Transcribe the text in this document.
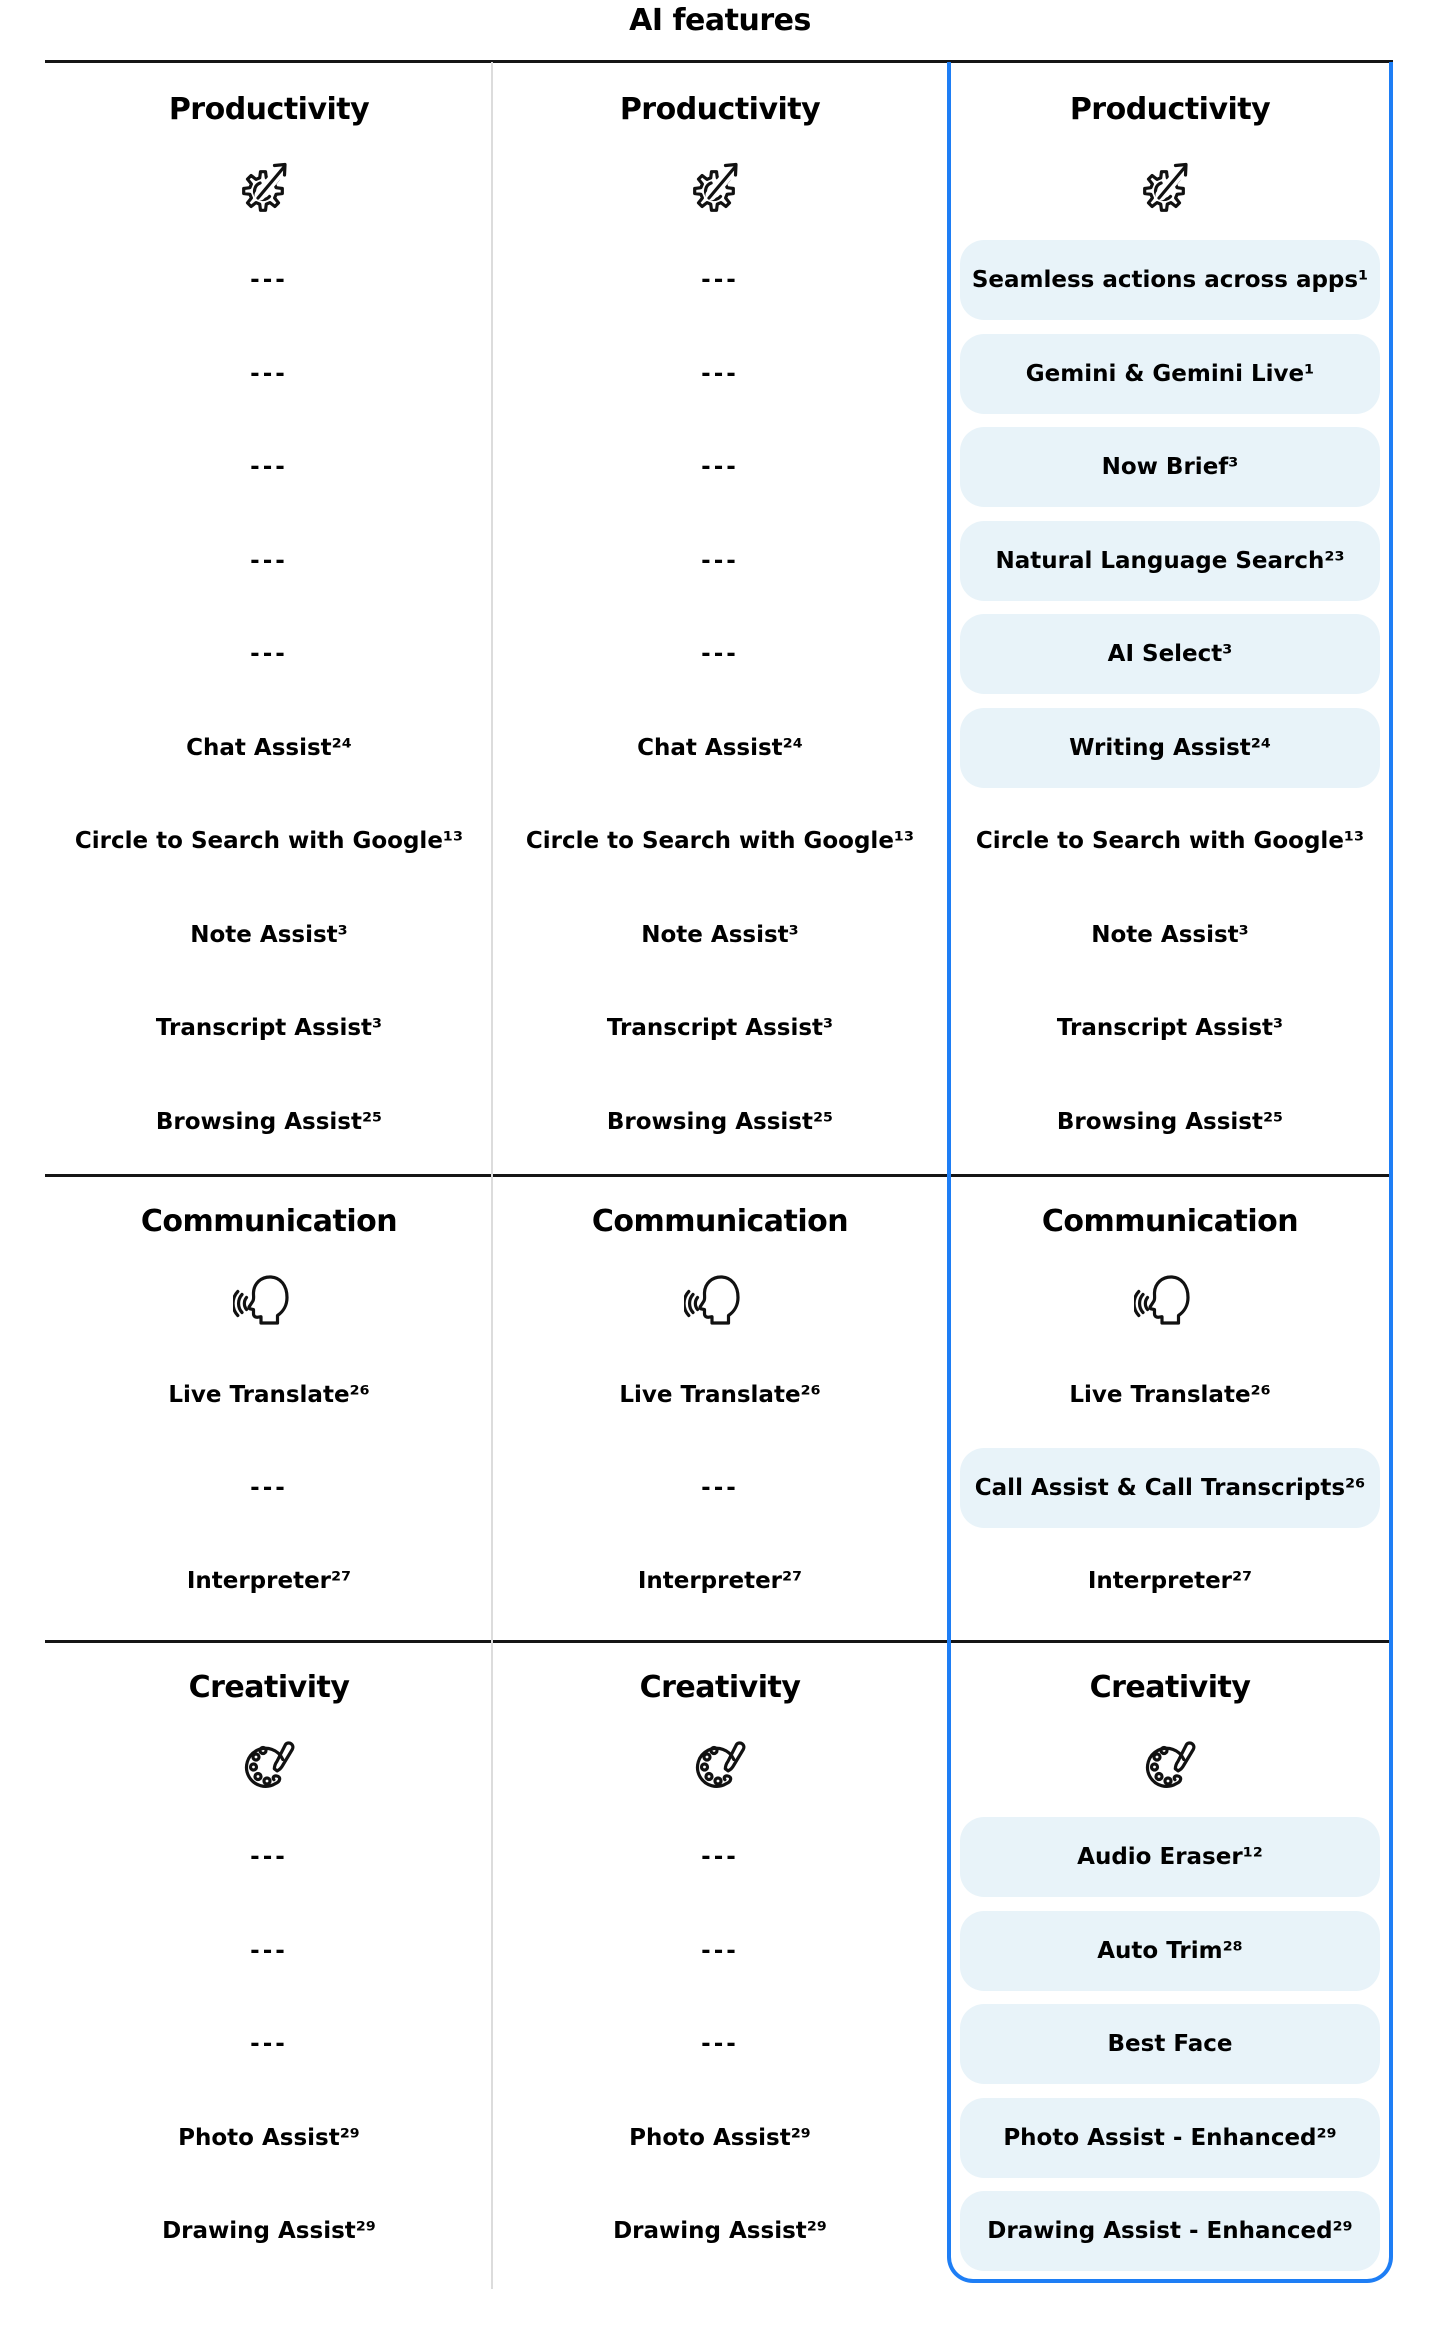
AI features
Productivity	Productivity	Productivity
---	---	Seamless actions across apps¹
---	---	Gemini & Gemini Live¹
---	---	Now Brief³
---	---	Natural Language Search²³
---	---	AI Select³
Chat Assist²⁴	Chat Assist²⁴	Writing Assist²⁴
Circle to Search with Google¹³	Circle to Search with Google¹³	Circle to Search with Google¹³
Note Assist³	Note Assist³	Note Assist³
Transcript Assist³	Transcript Assist³	Transcript Assist³
Browsing Assist²⁵	Browsing Assist²⁵	Browsing Assist²⁵
Communication	Communication	Communication
Live Translate²⁶	Live Translate²⁶	Live Translate²⁶
---	---	Call Assist & Call Transcripts²⁶
Interpreter²⁷	Interpreter²⁷	Interpreter²⁷
Creativity	Creativity	Creativity
---	---	Audio Eraser¹²
---	---	Auto Trim²⁸
---	---	Best Face
Photo Assist²⁹	Photo Assist²⁹	Photo Assist - Enhanced²⁹
Drawing Assist²⁹	Drawing Assist²⁹	Drawing Assist - Enhanced²⁹
